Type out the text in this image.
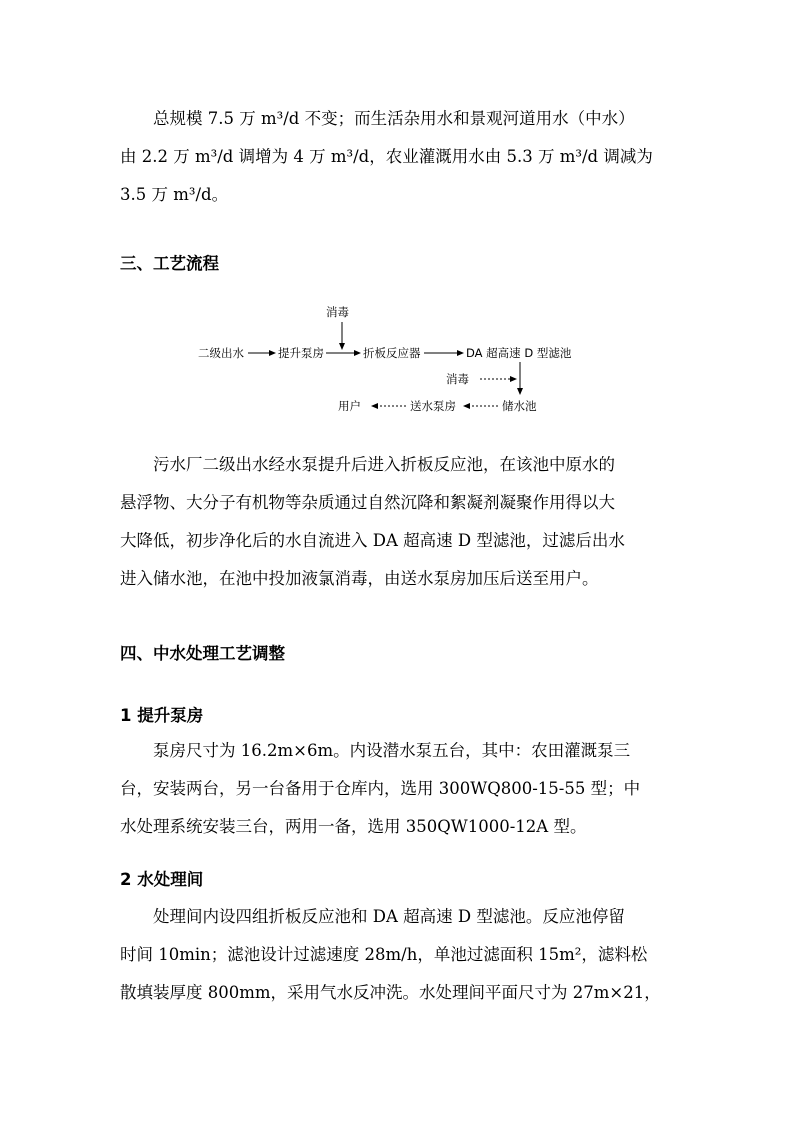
总规模 7.5 万 m³/d 不变；而生活杂用水和景观河道用水（中水）
由 2.2 万 m³/d 调增为 4 万 m³/d，农业灌溉用水由 5.3 万 m³/d 调减为
3.5 万 m³/d。
三、工艺流程
消毒
二级出水	提升泵房	折板反应器	DA 超高速 D 型滤池
消毒
储水池
送水泵房
用户
污水厂二级出水经水泵提升后进入折板反应池，在该池中原水的
悬浮物、大分子有机物等杂质通过自然沉降和絮凝剂凝聚作用得以大
大降低，初步净化后的水自流进入 DA 超高速 D 型滤池，过滤后出水
进入储水池，在池中投加液氯消毒，由送水泵房加压后送至用户。
四、中水处理工艺调整
1 提升泵房
泵房尺寸为 16.2m×6m。内设潜水泵五台，其中：农田灌溉泵三
台，安装两台，另一台备用于仓库内，选用 300WQ800-15-55 型；中
水处理系统安装三台，两用一备，选用 350QW1000-12A 型。
2 水处理间
处理间内设四组折板反应池和 DA 超高速 D 型滤池。反应池停留
时间 10min；滤池设计过滤速度 28m/h，单池过滤面积 15m²，滤料松
散填装厚度 800mm，采用气水反冲洗。水处理间平面尺寸为 27m×21，
